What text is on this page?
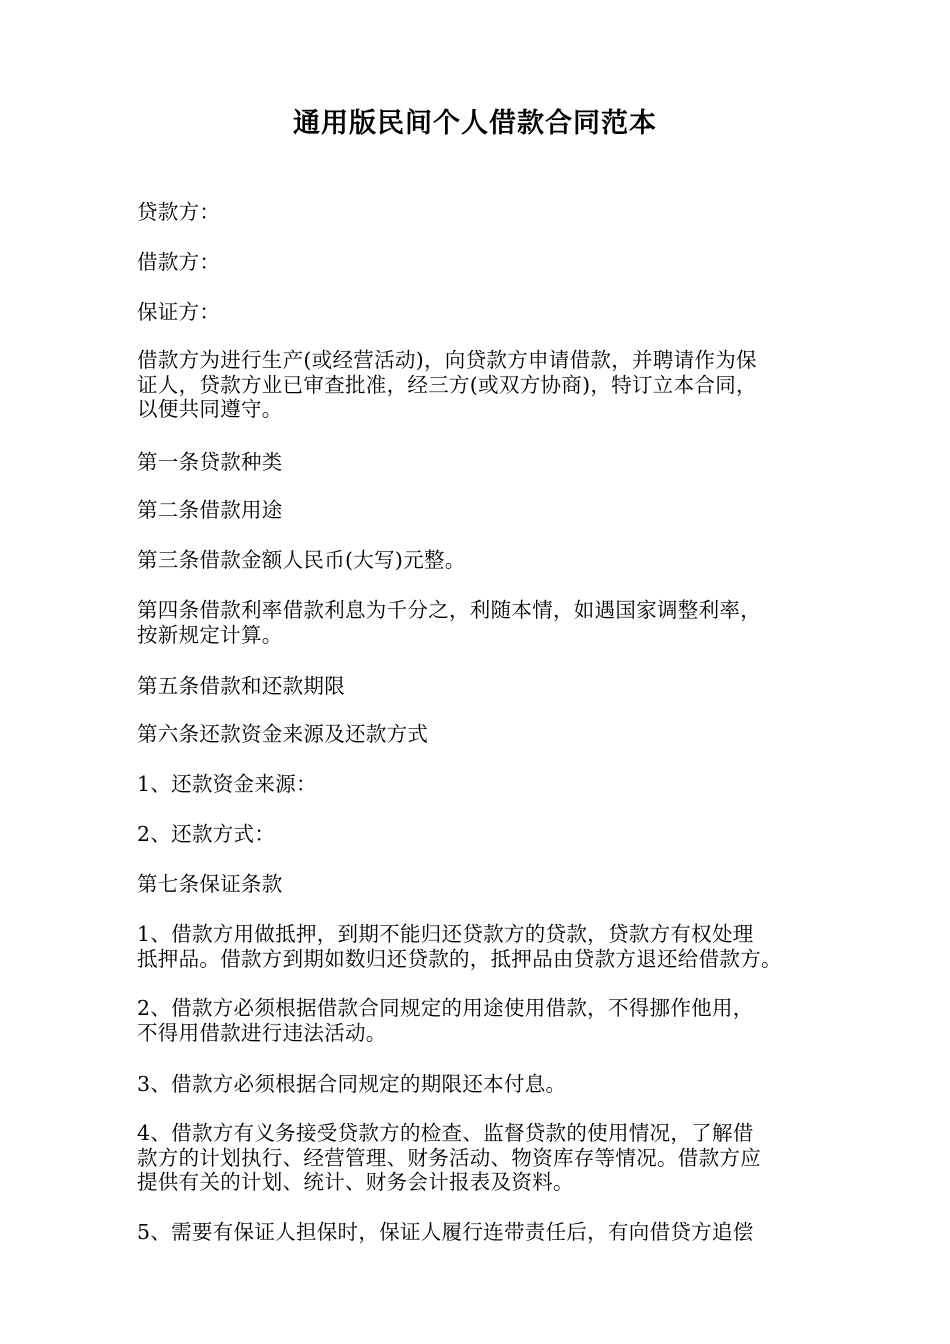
通用版民间个人借款合同范本
贷款方：
借款方：
保证方：
借款方为进行生产(或经营活动)，向贷款方申请借款，并聘请作为保
证人，贷款方业已审查批准，经三方(或双方协商)，特订立本合同，
以便共同遵守。
第一条贷款种类
第二条借款用途
第三条借款金额人民币(大写)元整。
第四条借款利率借款利息为千分之，利随本情，如遇国家调整利率，
按新规定计算。
第五条借款和还款期限
第六条还款资金来源及还款方式
1、还款资金来源：
2、还款方式：
第七条保证条款
1、借款方用做抵押，到期不能归还贷款方的贷款，贷款方有权处理
抵押品。借款方到期如数归还贷款的，抵押品由贷款方退还给借款方。
2、借款方必须根据借款合同规定的用途使用借款，不得挪作他用，
不得用借款进行违法活动。
3、借款方必须根据合同规定的期限还本付息。
4、借款方有义务接受贷款方的检查、监督贷款的使用情况，了解借
款方的计划执行、经营管理、财务活动、物资库存等情况。借款方应
提供有关的计划、统计、财务会计报表及资料。
5、需要有保证人担保时，保证人履行连带责任后，有向借贷方追偿
